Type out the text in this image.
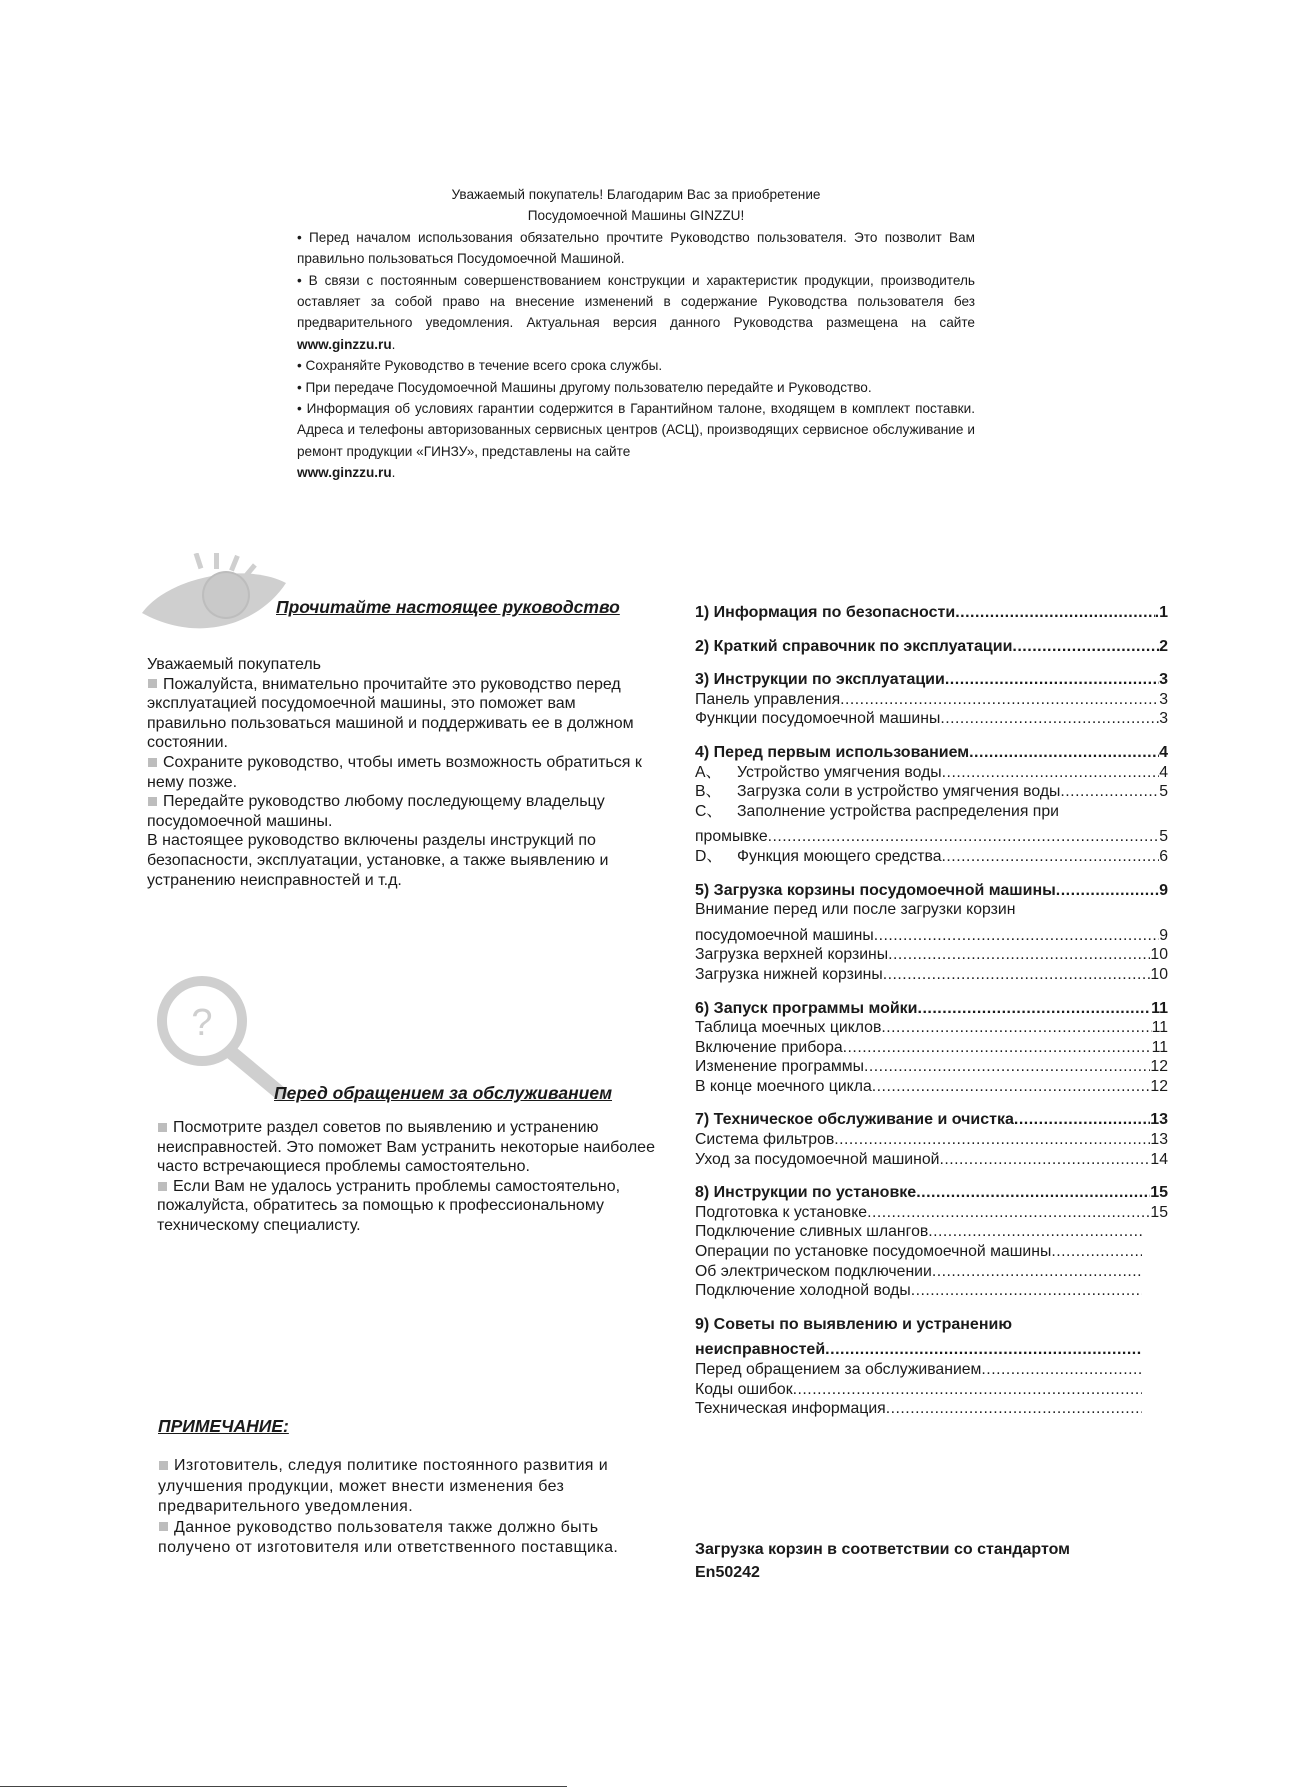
Уважаемый покупатель! Благодарим Вас за приобретение
Посудомоечной Машины GINZZU!

• Перед началом использования обязательно прочтите Руководство пользователя. Это позволит Вам правильно пользоваться Посудомоечной Машиной.

• В связи с постоянным совершенствованием конструкции и характеристик продукции, производитель оставляет за собой право на внесение изменений в содержание Руководства пользователя без предварительного уведомления. Актуальная версия данного Руководства размещена на сайте www.ginzzu.ru.

• Сохраняйте Руководство в течение всего срока службы.

• При передаче Посудомоечной Машины другому пользователю передайте и Руководство.

• Информация об условиях гарантии содержится в Гарантийном талоне, входящем в комплект поставки. Адреса и телефоны авторизованных сервисных центров (АСЦ), производящих сервисное обслуживание и ремонт продукции «ГИНЗУ», представлены на сайте
www.ginzzu.ru.

Прочитайте настоящее руководство

Уважаемый покупатель

Пожалуйста, внимательно прочитайте это руководство перед эксплуатацией посудомоечной машины, это поможет вам правильно пользоваться машиной и поддерживать ее в должном состоянии.

Сохраните руководство, чтобы иметь возможность обратиться к нему позже.

Передайте руководство любому последующему владельцу посудомоечной машины.

В настоящее руководство включены разделы инструкций по безопасности, эксплуатации, установке, а также выявлению и устранению неисправностей и т.д.

?
Перед обращением за обслуживанием

Посмотрите раздел советов по выявлению и устранению неисправностей. Это поможет Вам устранить некоторые наиболее часто встречающиеся проблемы самостоятельно.

Если Вам не удалось устранить проблемы самостоятельно, пожалуйста, обратитесь за помощью к профессиональному техническому специалисту.

ПРИМЕЧАНИЕ:

Изготовитель, следуя политике постоянного развития и улучшения продукции, может внести изменения без предварительного уведомления.

Данное руководство пользователя также должно быть получено от изготовителя или ответственного поставщика.

1) Информация по безопасности .....	.1
2) Краткий справочник по эксплуатации .....	2
3) Инструкции по эксплуатации .....	3
Панель управления .....	3
Функции посудомоечной машины .....	3
4) Перед первым использованием .....	4
A、 Устройство умягчения воды .....	4
B、 Загрузка соли в устройство умягчения воды .....	5
C、 Заполнение устройства распределения при
промывке .....	5
D、 Функция моющего средства .....	6
5) Загрузка корзины посудомоечной машины .....	9
Внимание перед или после загрузки корзин
посудомоечной машины .....	9
Загрузка верхней корзины .....	10
Загрузка нижней корзины .....	10
6) Запуск программы мойки .....	11
Таблица моечных циклов .....	11
Включение прибора .....	11
Изменение программы .....	12
В конце моечного цикла .....	12
7) Техническое обслуживание и очистка .....	13
Система фильтров .....	13
Уход за посудомоечной машиной .....	14
8) Инструкции по установке .....	15
Подготовка к установке .....	15
Подключение сливных шлангов
.....
Операции по установке посудомоечной машины
.....
Об электрическом подключении
.....
Подключение холодной воды
.....
9) Советы по выявлению и устранению
неисправностей
.....
Перед обращением за обслуживанием
.....
Коды ошибок
.....
Техническая информация
.....
Загрузка корзин в соответствии со стандартом
En50242
